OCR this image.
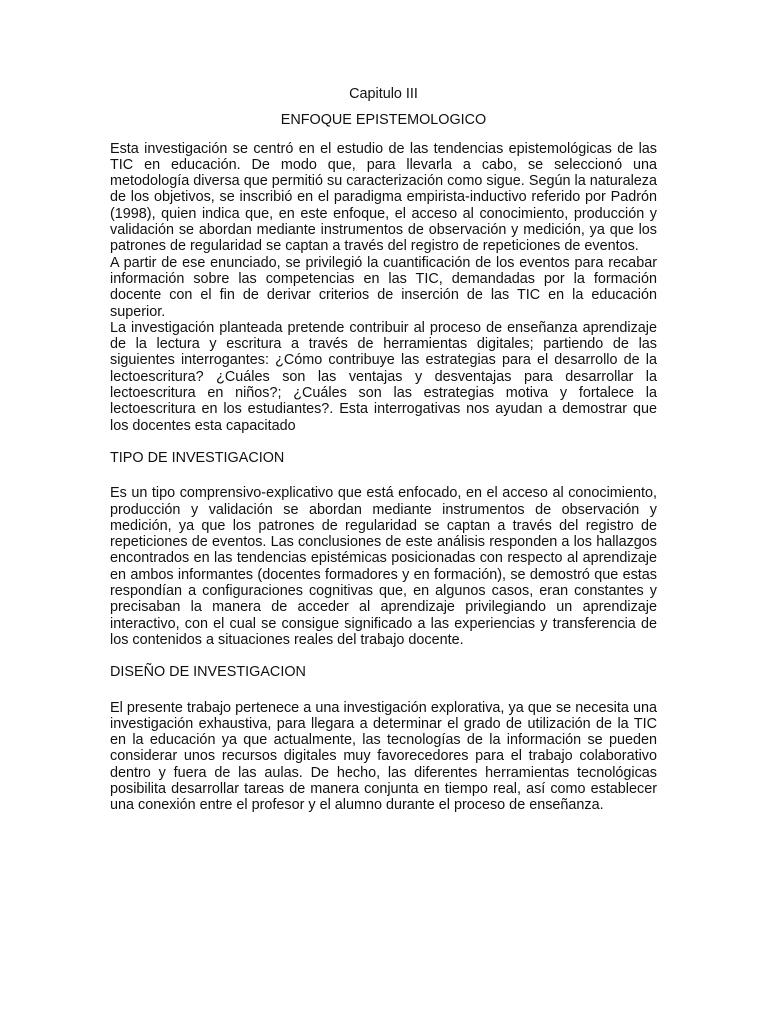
Capitulo III

ENFOQUE EPISTEMOLOGICO

Esta investigación se centró en el estudio de las tendencias epistemológicas de las TIC en educación. De modo que, para llevarla a cabo, se seleccionó una metodología diversa que permitió su caracterización como sigue. Según la naturaleza de los objetivos, se inscribió en el paradigma empirista-inductivo referido por Padrón (1998), quien indica que, en este enfoque, el acceso al conocimiento, producción y validación se abordan mediante instrumentos de observación y medición, ya que los patrones de regularidad se captan a través del registro de repeticiones de eventos.

A partir de ese enunciado, se privilegió la cuantificación de los eventos para recabar información sobre las competencias en las TIC, demandadas por la formación docente con el fin de derivar criterios de inserción de las TIC en la educación superior.

La investigación planteada pretende contribuir al proceso de enseñanza aprendizaje de la lectura y escritura a través de herramientas digitales; partiendo de las siguientes interrogantes: ¿Cómo contribuye las estrategias para el desarrollo de la lectoescritura? ¿Cuáles son las ventajas y desventajas para desarrollar la lectoescritura en niños?; ¿Cuáles son las estrategias motiva y fortalece la lectoescritura en los estudiantes?. Esta interrogativas nos ayudan a demostrar que los docentes esta capacitado

TIPO DE INVESTIGACION

Es un tipo comprensivo-explicativo que está enfocado, en el acceso al conocimiento, producción y validación se abordan mediante instrumentos de observación y medición, ya que los patrones de regularidad se captan a través del registro de repeticiones de eventos. Las conclusiones de este análisis responden a los hallazgos encontrados en las tendencias epistémicas posicionadas con respecto al aprendizaje en ambos informantes (docentes formadores y en formación), se demostró que estas respondían a configuraciones cognitivas que, en algunos casos, eran constantes y precisaban la manera de acceder al aprendizaje privilegiando un aprendizaje interactivo, con el cual se consigue significado a las experiencias y transferencia de los contenidos a situaciones reales del trabajo docente.

DISEÑO DE INVESTIGACION

El presente trabajo pertenece a una investigación explorativa, ya que se necesita una investigación exhaustiva, para llegara a determinar el grado de utilización de la TIC en la educación ya que actualmente, las tecnologías de la información se pueden considerar unos recursos digitales muy favorecedores para el trabajo colaborativo dentro y fuera de las aulas. De hecho, las diferentes herramientas tecnológicas posibilita desarrollar tareas de manera conjunta en tiempo real, así como establecer una conexión entre el profesor y el alumno durante el proceso de enseñanza.
